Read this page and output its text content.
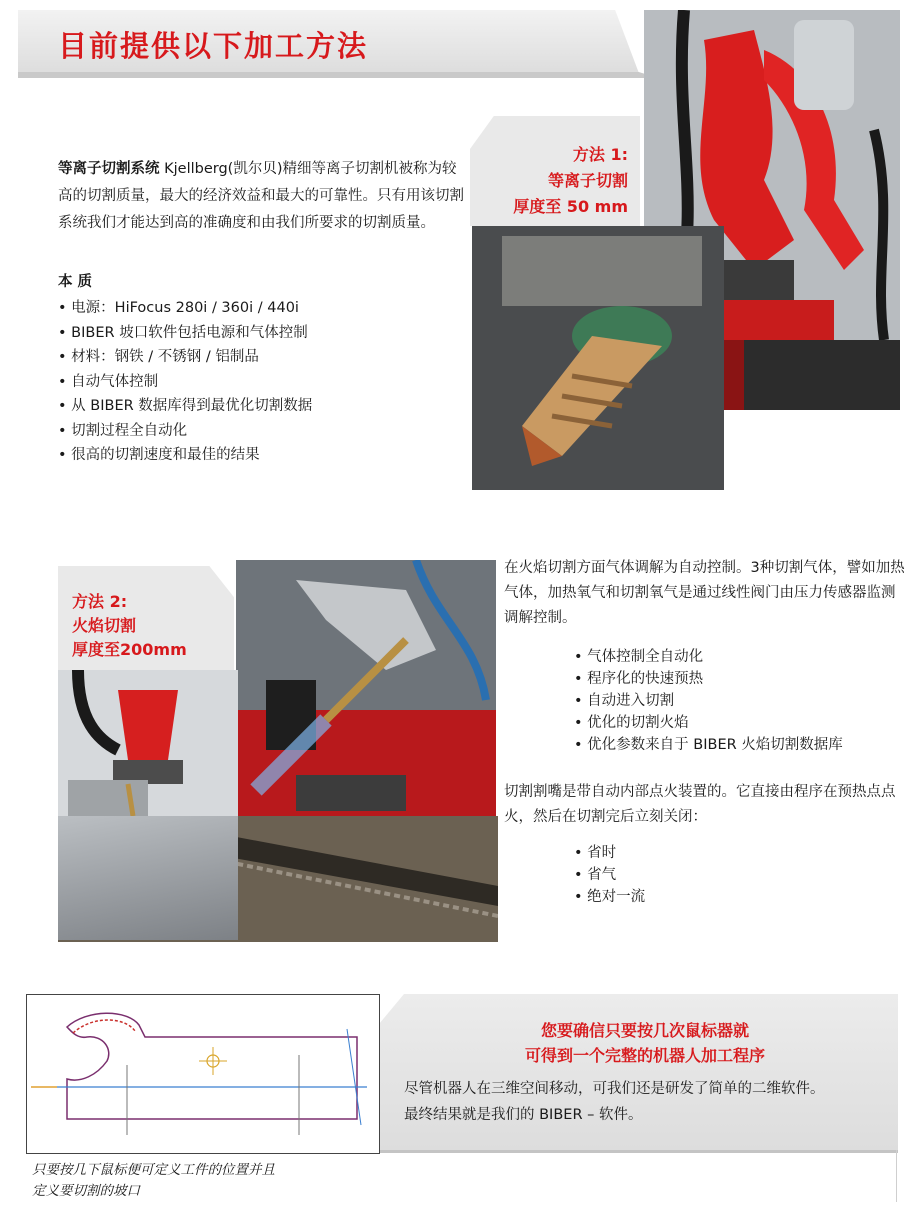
目前提供以下加工方法
等离子切割系统 Kjellberg(凯尔贝)精细等离子切割机被称为较高的切割质量，最大的经济效益和最大的可靠性。只有用该切割系统我们才能达到高的准确度和由我们所要求的切割质量。
本 质
• 电源：HiFocus 280i / 360i / 440i
• BIBER 坡口软件包括电源和气体控制
• 材料：钢铁 / 不锈钢 / 铝制品
• 自动气体控制
• 从 BIBER 数据库得到最优化切割数据
• 切割过程全自动化
• 很高的切割速度和最佳的结果
方法 1:
等离子切割
厚度至 50 mm
方法 2:
火焰切割
厚度至200mm
在火焰切割方面气体调解为自动控制。3种切割气体，譬如加热气体，加热氧气和切割氧气是通过线性阀门由压力传感器监测调解控制。
• 气体控制全自动化
• 程序化的快速预热
• 自动进入切割
• 优化的切割火焰
• 优化参数来自于 BIBER 火焰切割数据库
切割割嘴是带自动内部点火装置的。它直接由程序在预热点点火，然后在切割完后立刻关闭：
• 省时
• 省气
• 绝对一流
您要确信只要按几次鼠标器就
可得到一个完整的机器人加工程序
尽管机器人在三维空间移动，可我们还是研发了简单的二维软件。
最终结果就是我们的 BIBER – 软件。
只要按几下鼠标便可定义工件的位置并且
定义要切割的坡口
